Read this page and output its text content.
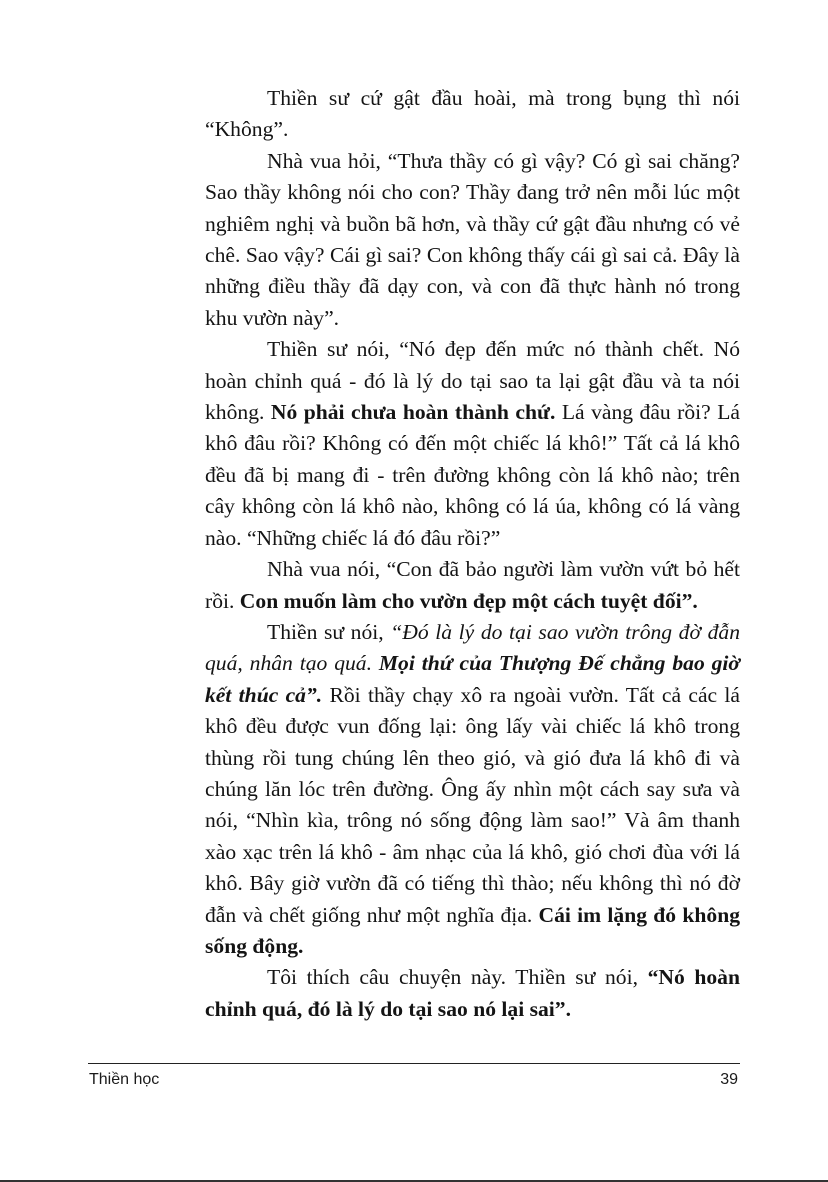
Thiền sư cứ gật đầu hoài, mà trong bụng thì nói “Không”.

Nhà vua hỏi, “Thưa thầy có gì vậy? Có gì sai chăng? Sao thầy không nói cho con? Thầy đang trở nên mỗi lúc một nghiêm nghị và buồn bã hơn, và thầy cứ gật đầu nhưng có vẻ chê. Sao vậy? Cái gì sai? Con không thấy cái gì sai cả. Đây là những điều thầy đã dạy con, và con đã thực hành nó trong khu vườn này”.

Thiền sư nói, “Nó đẹp đến mức nó thành chết. Nó hoàn chỉnh quá - đó là lý do tại sao ta lại gật đầu và ta nói không. Nó phải chưa hoàn thành chứ. Lá vàng đâu rồi? Lá khô đâu rồi? Không có đến một chiếc lá khô!” Tất cả lá khô đều đã bị mang đi - trên đường không còn lá khô nào; trên cây không còn lá khô nào, không có lá úa, không có lá vàng nào. “Những chiếc lá đó đâu rồi?”

Nhà vua nói, “Con đã bảo người làm vườn vứt bỏ hết rồi. Con muốn làm cho vườn đẹp một cách tuyệt đối”.

Thiền sư nói, “Đó là lý do tại sao vườn trông đờ đẫn quá, nhân tạo quá. Mọi thứ của Thượng Đế chẳng bao giờ kết thúc cả”. Rồi thầy chạy xô ra ngoài vườn. Tất cả các lá khô đều được vun đống lại: ông lấy vài chiếc lá khô trong thùng rồi tung chúng lên theo gió, và gió đưa lá khô đi và chúng lăn lóc trên đường. Ông ấy nhìn một cách say sưa và nói, “Nhìn kìa, trông nó sống động làm sao!” Và âm thanh xào xạc trên lá khô - âm nhạc của lá khô, gió chơi đùa với lá khô. Bây giờ vườn đã có tiếng thì thào; nếu không thì nó đờ đẫn và chết giống như một nghĩa địa. Cái im lặng đó không sống động.

Tôi thích câu chuyện này. Thiền sư nói, “Nó hoàn chỉnh quá, đó là lý do tại sao nó lại sai”.

Thiền học	39
